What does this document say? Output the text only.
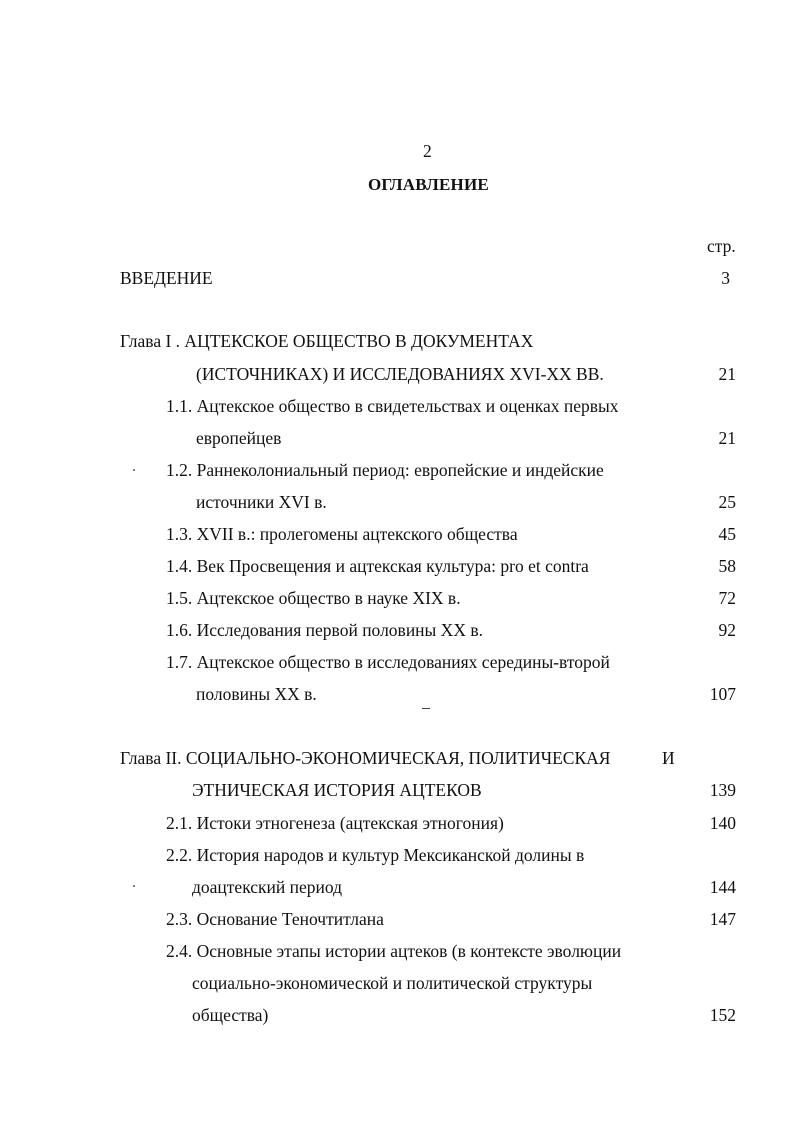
2
ОГЛАВЛЕНИЕ
стр.
ВВЕДЕНИЕ	3
Глава I . АЦТЕКСКОЕ ОБЩЕСТВО В ДОКУМЕНТАХ
(ИСТОЧНИКАХ) И ИССЛЕДОВАНИЯХ XVI-XX ВВ.	21
1.1. Ацтекское общество в свидетельствах и оценках первых
европейцев	21
1.2. Раннеколониальный период: европейские и индейские
источники XVI в.	25
1.3. XVII в.: пролегомены ацтекского общества	45
1.4. Век Просвещения и ацтекская культура: pro et contra	58
1.5. Ацтекское общество в науке XIX в.	72
1.6. Исследования первой половины XX в.	92
1.7. Ацтекское общество в исследованиях середины-второй
половины XX в.	107
Глава II. СОЦИАЛЬНО-ЭКОНОМИЧЕСКАЯ, ПОЛИТИЧЕСКАЯ	И
ЭТНИЧЕСКАЯ ИСТОРИЯ АЦТЕКОВ	139
2.1. Истоки этногенеза (ацтекская этногония)	140
2.2. История народов и культур Мексиканской долины в
доацтекский период	144
2.3. Основание Теночтитлана	147
2.4. Основные этапы истории ацтеков (в контексте эволюции
социально-экономической и политической структуры
общества)	152
